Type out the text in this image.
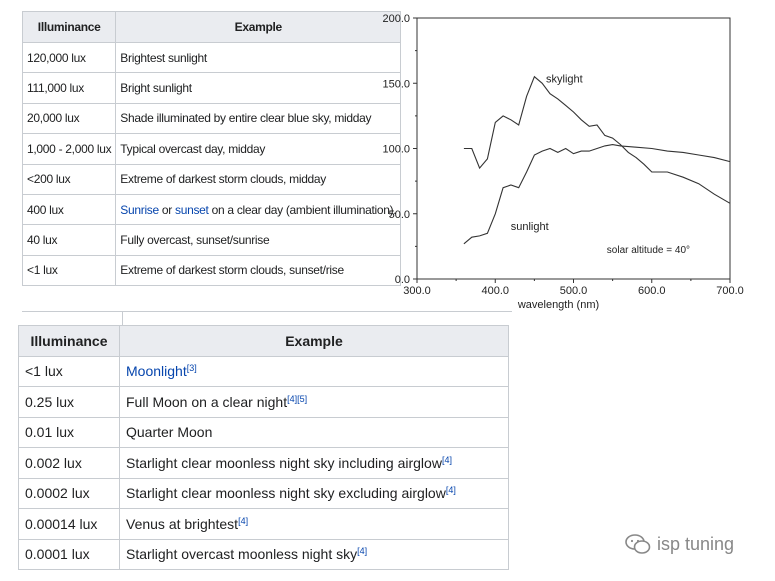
Illuminance	Example
120,000 lux	Brightest sunlight
111,000 lux	Bright sunlight
20,000 lux	Shade illuminated by entire clear blue sky, midday
1,000 - 2,000 lux	Typical overcast day, midday
<200 lux	Extreme of darkest storm clouds, midday
400 lux	Sunrise or sunset on a clear day (ambient illumination).
40 lux	Fully overcast, sunset/sunrise
<1 lux	Extreme of darkest storm clouds, sunset/rise
Illuminance	Example
<1 lux	Moonlight[3]
0.25 lux	Full Moon on a clear night[4][5]
0.01 lux	Quarter Moon
0.002 lux	Starlight clear moonless night sky including airglow[4]
0.0002 lux	Starlight clear moonless night sky excluding airglow[4]
0.00014 lux	Venus at brightest[4]
0.0001 lux	Starlight overcast moonless night sky[4]
300.0	400.0	500.0	600.0	700.0
0.0
50.0
100.0
150.0
200.0
wavelength (nm)
skylight
sunlight
solar altitude = 40°
isp tuning
